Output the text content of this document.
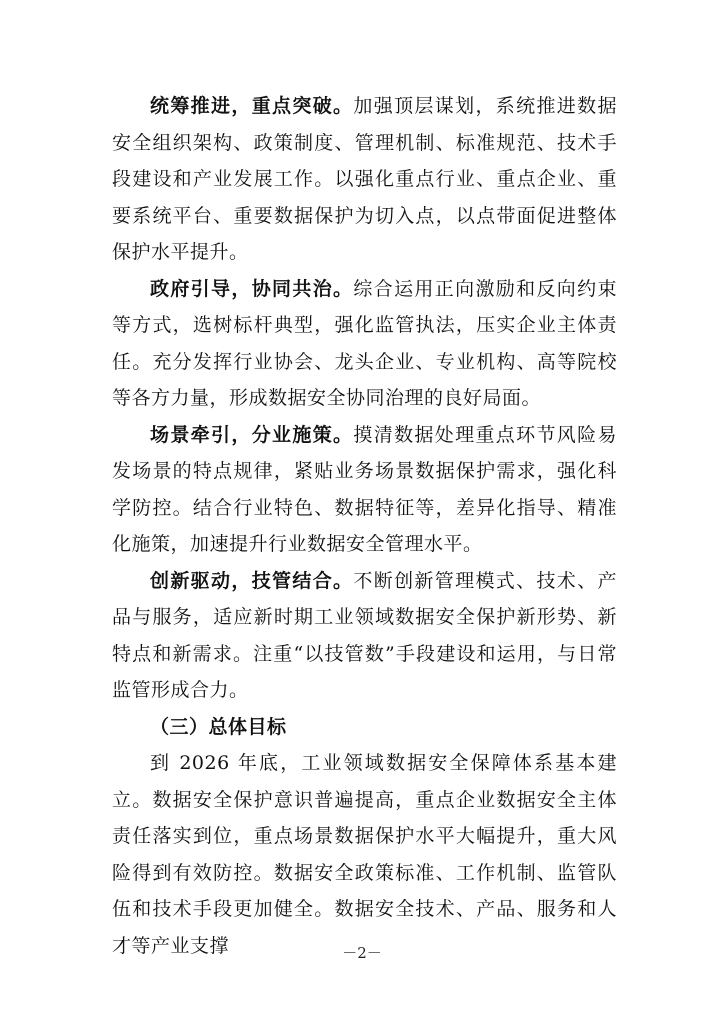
统筹推进，重点突破。加强顶层谋划，系统推进数据安全组织架构、政策制度、管理机制、标准规范、技术手段建设和产业发展工作。以强化重点行业、重点企业、重要系统平台、重要数据保护为切入点，以点带面促进整体保护水平提升。

政府引导，协同共治。综合运用正向激励和反向约束等方式，选树标杆典型，强化监管执法，压实企业主体责任。充分发挥行业协会、龙头企业、专业机构、高等院校等各方力量，形成数据安全协同治理的良好局面。

场景牵引，分业施策。摸清数据处理重点环节风险易发场景的特点规律，紧贴业务场景数据保护需求，强化科学防控。结合行业特色、数据特征等，差异化指导、精准化施策，加速提升行业数据安全管理水平。

创新驱动，技管结合。不断创新管理模式、技术、产品与服务，适应新时期工业领域数据安全保护新形势、新特点和新需求。注重“以技管数”手段建设和运用，与日常监管形成合力。

（三）总体目标

到 2026 年底，工业领域数据安全保障体系基本建立。数据安全保护意识普遍提高，重点企业数据安全主体责任落实到位，重点场景数据保护水平大幅提升，重大风险得到有效防控。数据安全政策标准、工作机制、监管队伍和技术手段更加健全。数据安全技术、产品、服务和人才等产业支撑	－2－
